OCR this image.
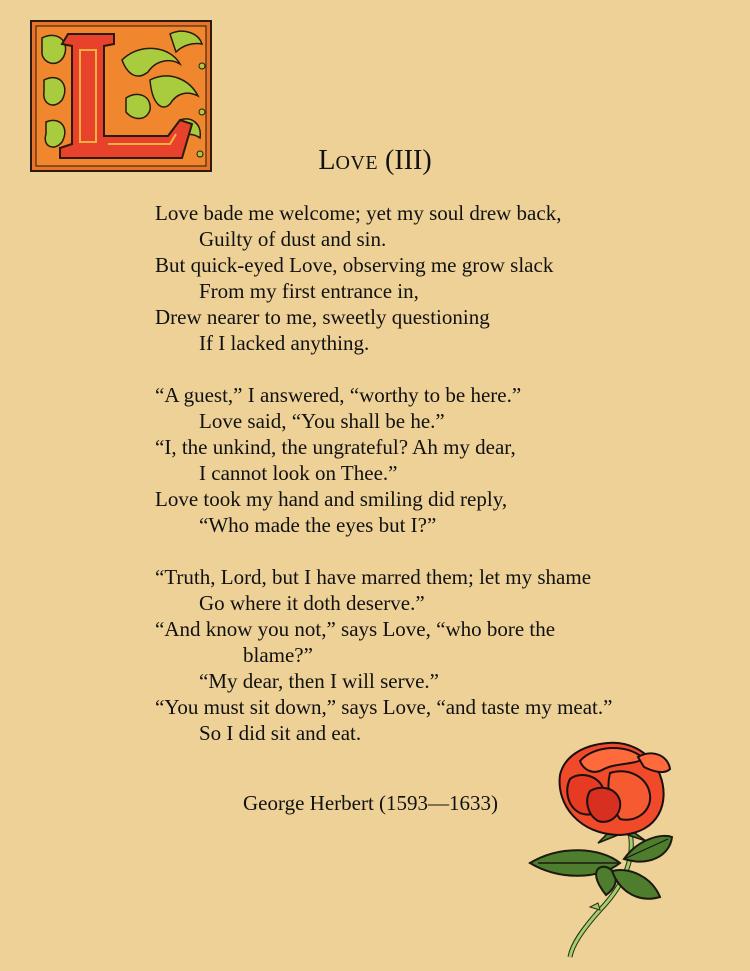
LOVE (III)
Love bade me welcome; yet my soul drew back,
Guilty of dust and sin.
But quick-eyed Love, observing me grow slack
From my first entrance in,
Drew nearer to me, sweetly questioning
If I lacked anything.
“A guest,” I answered, “worthy to be here.”
Love said, “You shall be he.”
“I, the unkind, the ungrateful? Ah my dear,
I cannot look on Thee.”
Love took my hand and smiling did reply,
“Who made the eyes but I?”
“Truth, Lord, but I have marred them; let my shame
Go where it doth deserve.”
“And know you not,” says Love, “who bore the
blame?”
“My dear, then I will serve.”
“You must sit down,” says Love, “and taste my meat.”
So I did sit and eat.
George Herbert (1593—1633)
